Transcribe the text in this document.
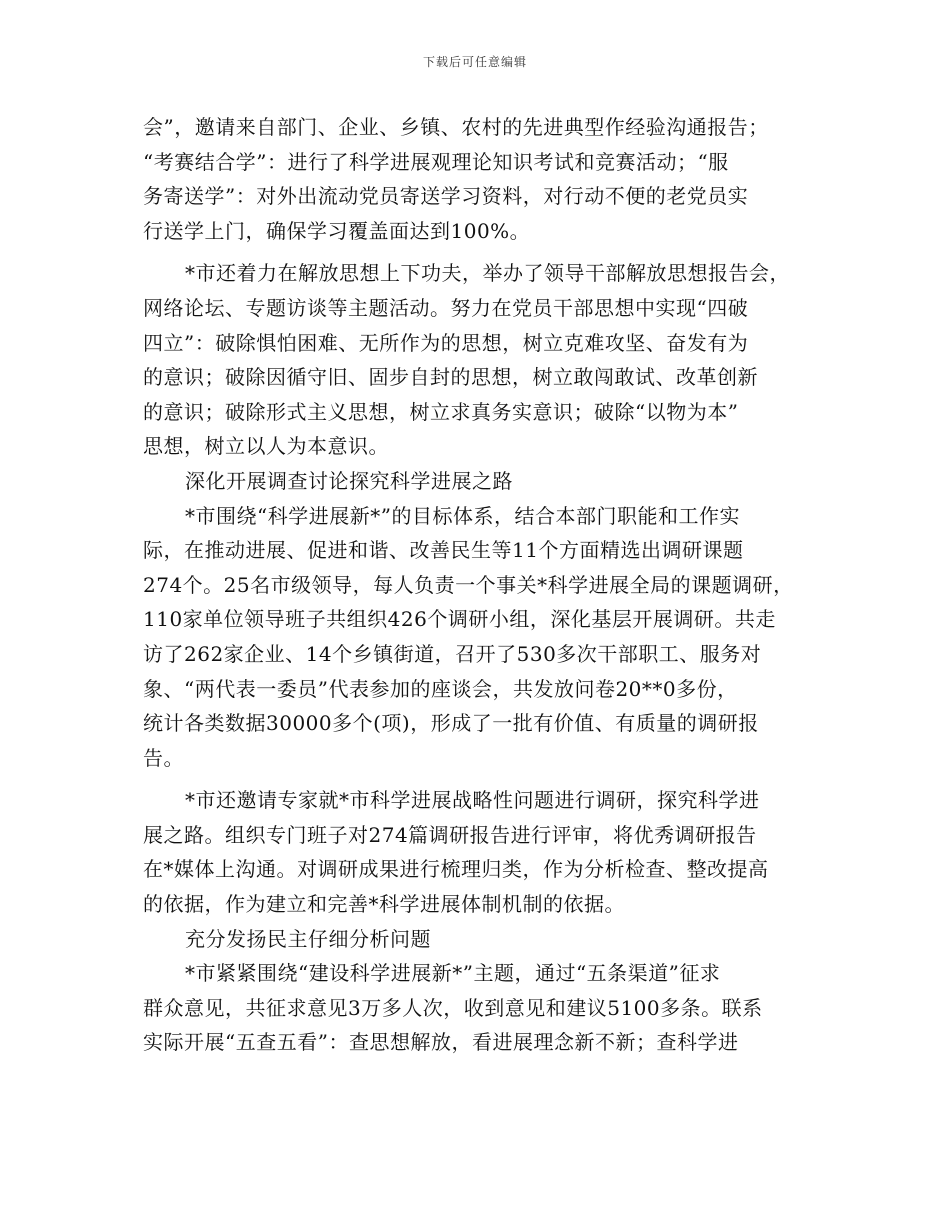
下载后可任意编辑
会”，邀请来自部门、企业、乡镇、农村的先进典型作经验沟通报告；
“考赛结合学”：进行了科学进展观理论知识考试和竞赛活动；“服
务寄送学”：对外出流动党员寄送学习资料，对行动不便的老党员实
行送学上门，确保学习覆盖面达到100%。
*市还着力在解放思想上下功夫，举办了领导干部解放思想报告会，
网络论坛、专题访谈等主题活动。努力在党员干部思想中实现“四破
四立”：破除惧怕困难、无所作为的思想，树立克难攻坚、奋发有为
的意识；破除因循守旧、固步自封的思想，树立敢闯敢试、改革创新
的意识；破除形式主义思想，树立求真务实意识；破除“以物为本”
思想，树立以人为本意识。
深化开展调查讨论探究科学进展之路
*市围绕“科学进展新*”的目标体系，结合本部门职能和工作实
际，在推动进展、促进和谐、改善民生等11个方面精选出调研课题
274个。25名市级领导，每人负责一个事关*科学进展全局的课题调研，
110家单位领导班子共组织426个调研小组，深化基层开展调研。共走
访了262家企业、14个乡镇街道，召开了530多次干部职工、服务对
象、“两代表一委员”代表参加的座谈会，共发放问卷20**0多份，
统计各类数据30000多个(项)，形成了一批有价值、有质量的调研报
告。
*市还邀请专家就*市科学进展战略性问题进行调研，探究科学进
展之路。组织专门班子对274篇调研报告进行评审，将优秀调研报告
在*媒体上沟通。对调研成果进行梳理归类，作为分析检查、整改提高
的依据，作为建立和完善*科学进展体制机制的依据。
充分发扬民主仔细分析问题
*市紧紧围绕“建设科学进展新*”主题，通过“五条渠道”征求
群众意见，共征求意见3万多人次，收到意见和建议5100多条。联系
实际开展“五查五看”：查思想解放，看进展理念新不新；查科学进
